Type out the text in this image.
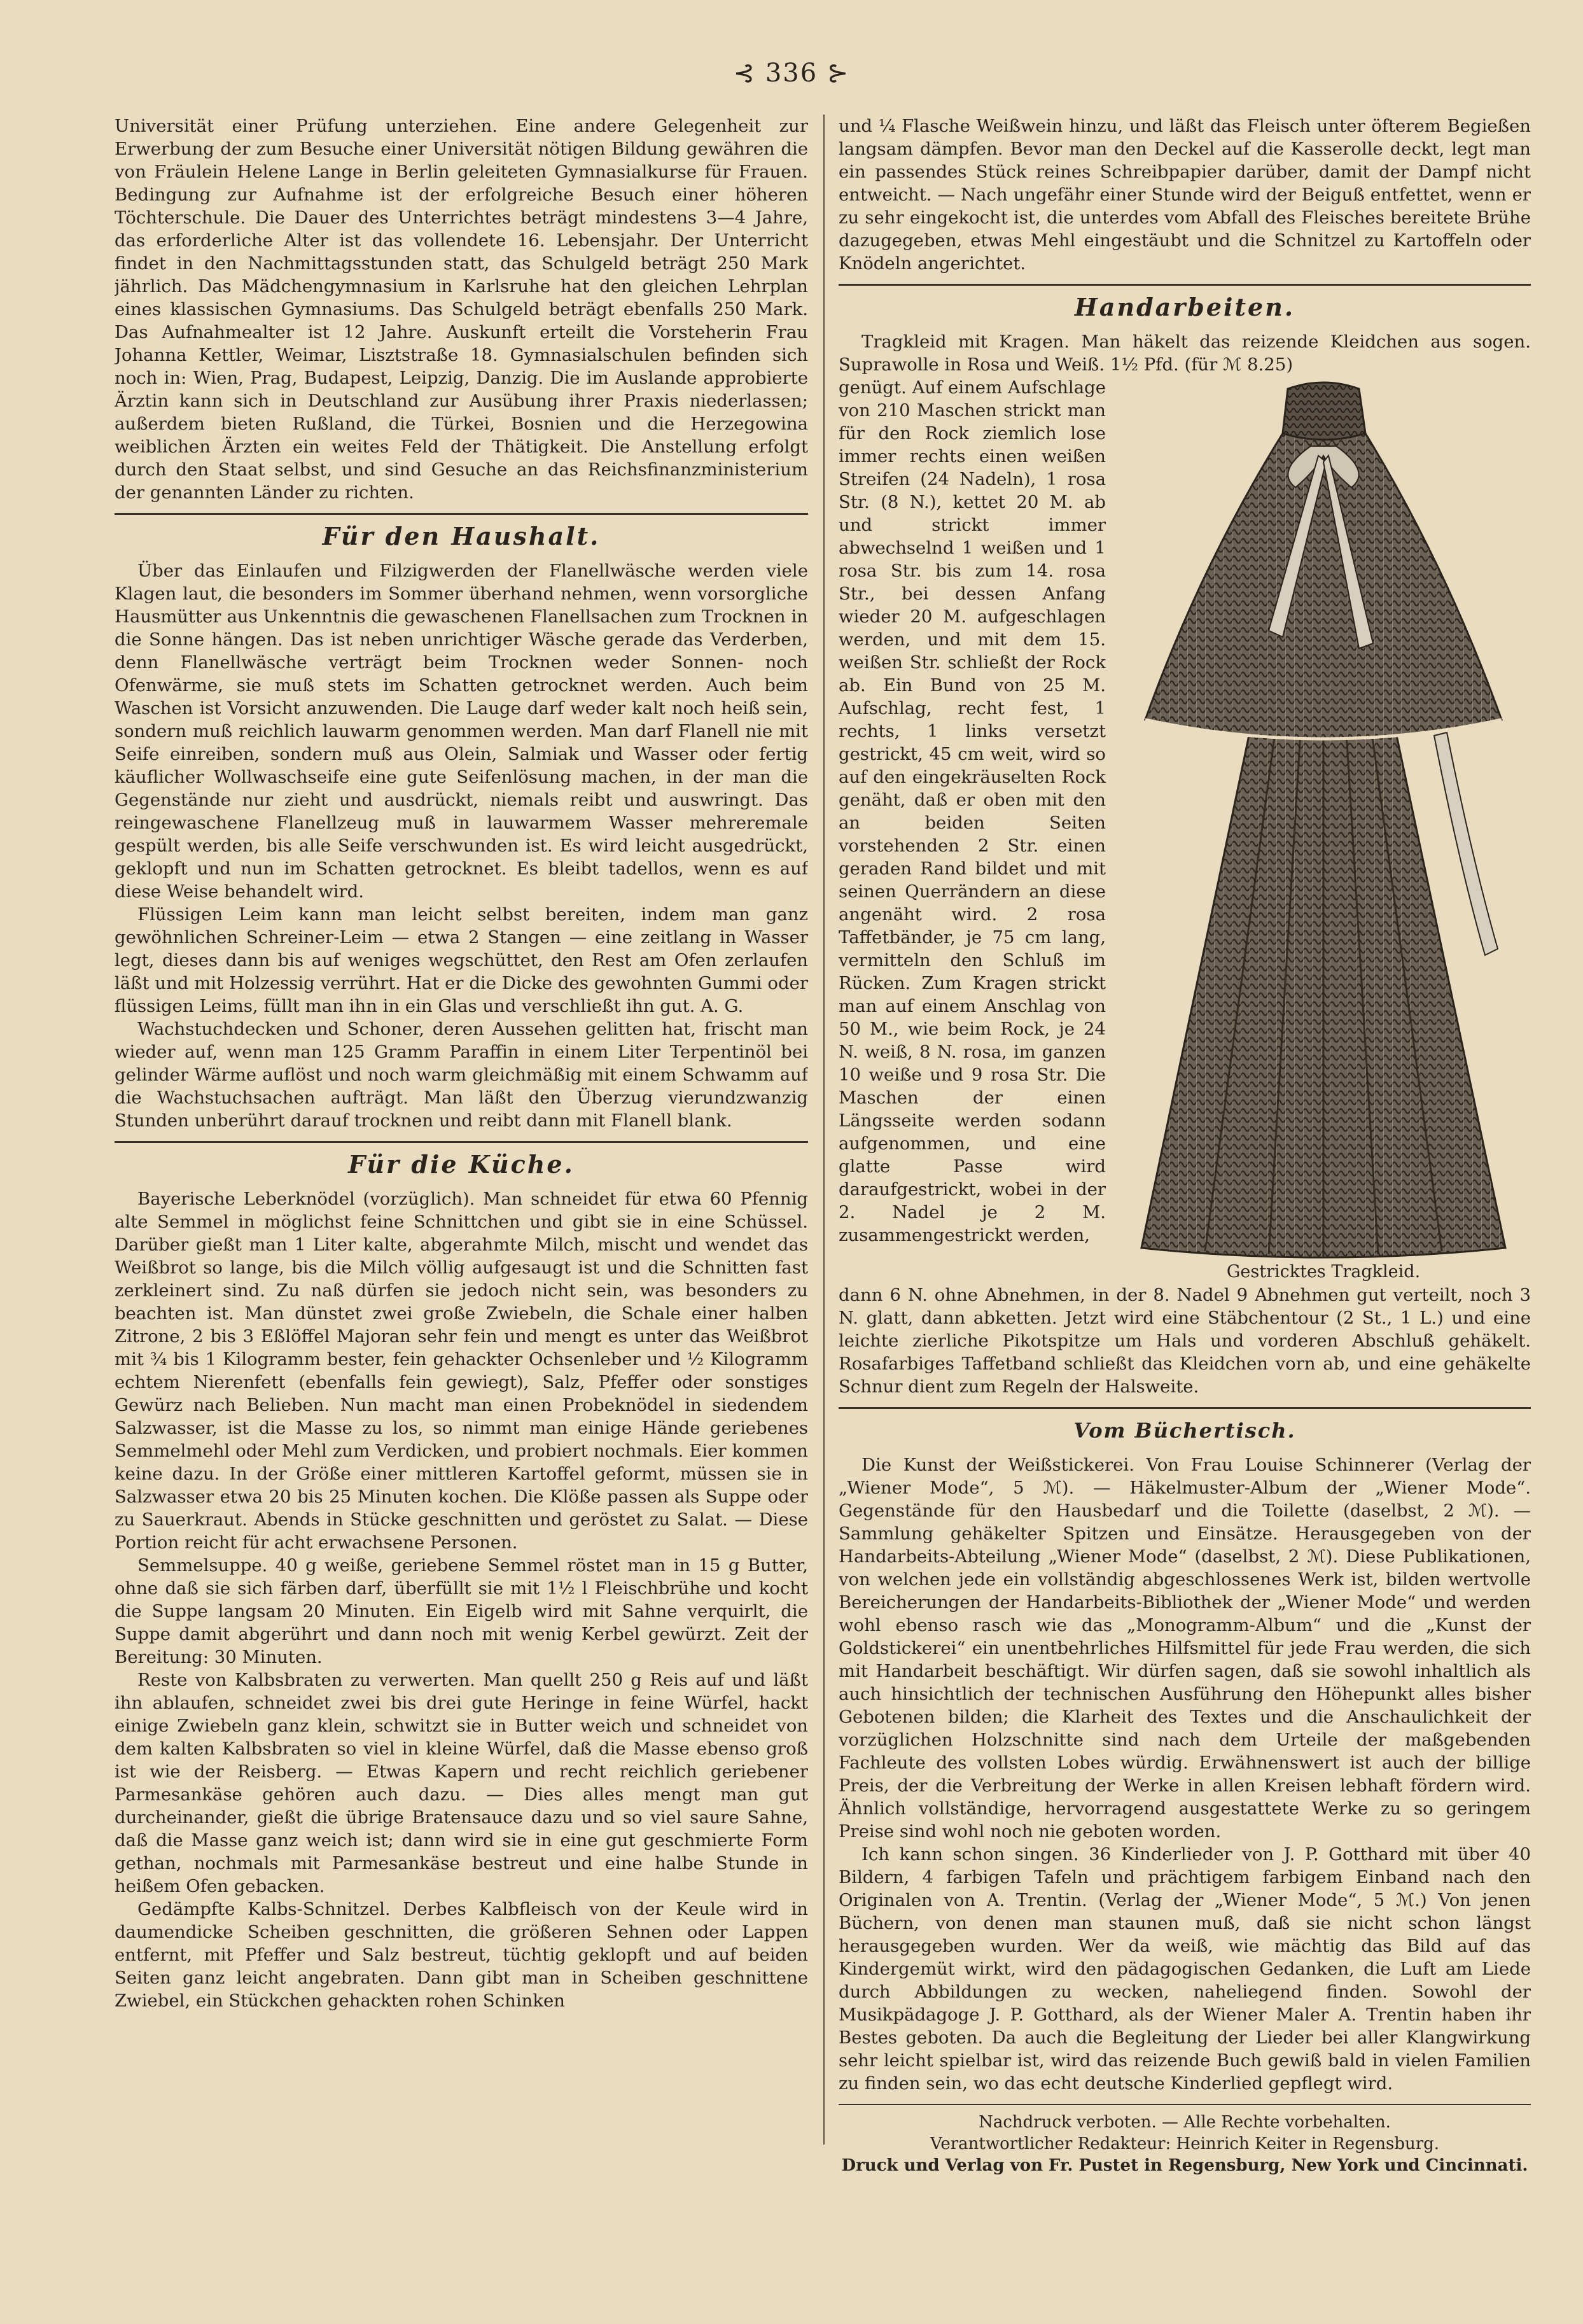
⊰ 336 ⊱

Universität einer Prüfung unterziehen. Eine andere Gelegenheit zur Erwerbung der zum Besuche einer Universität nötigen Bildung gewähren die von Fräulein Helene Lange in Berlin geleiteten Gymnasialkurse für Frauen. Bedingung zur Aufnahme ist der erfolgreiche Besuch einer höheren Töchterschule. Die Dauer des Unterrichtes beträgt mindestens 3—4 Jahre, das erforderliche Alter ist das vollendete 16. Lebensjahr. Der Unterricht findet in den Nachmittagsstunden statt, das Schulgeld beträgt 250 Mark jährlich. Das Mädchengymnasium in Karlsruhe hat den gleichen Lehrplan eines klassischen Gymnasiums. Das Schulgeld beträgt ebenfalls 250 Mark. Das Aufnahmealter ist 12 Jahre. Auskunft erteilt die Vorsteherin Frau Johanna Kettler, Weimar, Lisztstraße 18. Gymnasialschulen befinden sich noch in: Wien, Prag, Budapest, Leipzig, Danzig. Die im Auslande approbierte Ärztin kann sich in Deutschland zur Ausübung ihrer Praxis niederlassen; außerdem bieten Rußland, die Türkei, Bosnien und die Herzegowina weiblichen Ärzten ein weites Feld der Thätigkeit. Die Anstellung erfolgt durch den Staat selbst, und sind Gesuche an das Reichsfinanzministerium der genannten Länder zu richten.

Für den Haushalt.

Über das Einlaufen und Filzigwerden der Flanellwäsche werden viele Klagen laut, die besonders im Sommer überhand nehmen, wenn vorsorgliche Hausmütter aus Unkenntnis die gewaschenen Flanellsachen zum Trocknen in die Sonne hängen. Das ist neben unrichtiger Wäsche gerade das Verderben, denn Flanellwäsche verträgt beim Trocknen weder Sonnen- noch Ofenwärme, sie muß stets im Schatten getrocknet werden. Auch beim Waschen ist Vorsicht anzuwenden. Die Lauge darf weder kalt noch heiß sein, sondern muß reichlich lauwarm genommen werden. Man darf Flanell nie mit Seife einreiben, sondern muß aus Olein, Salmiak und Wasser oder fertig käuflicher Wollwaschseife eine gute Seifenlösung machen, in der man die Gegenstände nur zieht und ausdrückt, niemals reibt und auswringt. Das reingewaschene Flanellzeug muß in lauwarmem Wasser mehreremale gespült werden, bis alle Seife verschwunden ist. Es wird leicht ausgedrückt, geklopft und nun im Schatten getrocknet. Es bleibt tadellos, wenn es auf diese Weise behandelt wird.

Flüssigen Leim kann man leicht selbst bereiten, indem man ganz gewöhnlichen Schreiner-Leim — etwa 2 Stangen — eine zeitlang in Wasser legt, dieses dann bis auf weniges wegschüttet, den Rest am Ofen zerlaufen läßt und mit Holzessig verrührt. Hat er die Dicke des gewohnten Gummi oder flüssigen Leims, füllt man ihn in ein Glas und verschließt ihn gut. A. G.

Wachstuchdecken und Schoner, deren Aussehen gelitten hat, frischt man wieder auf, wenn man 125 Gramm Paraffin in einem Liter Terpentinöl bei gelinder Wärme auflöst und noch warm gleichmäßig mit einem Schwamm auf die Wachstuchsachen aufträgt. Man läßt den Überzug vierundzwanzig Stunden unberührt darauf trocknen und reibt dann mit Flanell blank.

Für die Küche.

Bayerische Leberknödel (vorzüglich). Man schneidet für etwa 60 Pfennig alte Semmel in möglichst feine Schnittchen und gibt sie in eine Schüssel. Darüber gießt man 1 Liter kalte, abgerahmte Milch, mischt und wendet das Weißbrot so lange, bis die Milch völlig aufgesaugt ist und die Schnitten fast zerkleinert sind. Zu naß dürfen sie jedoch nicht sein, was besonders zu beachten ist. Man dünstet zwei große Zwiebeln, die Schale einer halben Zitrone, 2 bis 3 Eßlöffel Majoran sehr fein und mengt es unter das Weißbrot mit ¾ bis 1 Kilogramm bester, fein gehackter Ochsenleber und ½ Kilogramm echtem Nierenfett (ebenfalls fein gewiegt), Salz, Pfeffer oder sonstiges Gewürz nach Belieben. Nun macht man einen Probeknödel in siedendem Salzwasser, ist die Masse zu los, so nimmt man einige Hände geriebenes Semmelmehl oder Mehl zum Verdicken, und probiert nochmals. Eier kommen keine dazu. In der Größe einer mittleren Kartoffel geformt, müssen sie in Salzwasser etwa 20 bis 25 Minuten kochen. Die Klöße passen als Suppe oder zu Sauerkraut. Abends in Stücke geschnitten und geröstet zu Salat. — Diese Portion reicht für acht erwachsene Personen.

Semmelsuppe. 40 g weiße, geriebene Semmel röstet man in 15 g Butter, ohne daß sie sich färben darf, überfüllt sie mit 1½ l Fleischbrühe und kocht die Suppe langsam 20 Minuten. Ein Eigelb wird mit Sahne verquirlt, die Suppe damit abgerührt und dann noch mit wenig Kerbel gewürzt. Zeit der Bereitung: 30 Minuten.

Reste von Kalbsbraten zu verwerten. Man quellt 250 g Reis auf und läßt ihn ablaufen, schneidet zwei bis drei gute Heringe in feine Würfel, hackt einige Zwiebeln ganz klein, schwitzt sie in Butter weich und schneidet von dem kalten Kalbsbraten so viel in kleine Würfel, daß die Masse ebenso groß ist wie der Reisberg. — Etwas Kapern und recht reichlich geriebener Parmesankäse gehören auch dazu. — Dies alles mengt man gut durcheinander, gießt die übrige Bratensauce dazu und so viel saure Sahne, daß die Masse ganz weich ist; dann wird sie in eine gut geschmierte Form gethan, nochmals mit Parmesankäse bestreut und eine halbe Stunde in heißem Ofen gebacken.

Gedämpfte Kalbs-Schnitzel. Derbes Kalbfleisch von der Keule wird in daumendicke Scheiben geschnitten, die größeren Sehnen oder Lappen entfernt, mit Pfeffer und Salz bestreut, tüchtig geklopft und auf beiden Seiten ganz leicht angebraten. Dann gibt man in Scheiben geschnittene Zwiebel, ein Stückchen gehackten rohen Schinken

und ¼ Flasche Weißwein hinzu, und läßt das Fleisch unter öfterem Begießen langsam dämpfen. Bevor man den Deckel auf die Kasserolle deckt, legt man ein passendes Stück reines Schreibpapier darüber, damit der Dampf nicht entweicht. — Nach ungefähr einer Stunde wird der Beiguß entfettet, wenn er zu sehr eingekocht ist, die unterdes vom Abfall des Fleisches bereitete Brühe dazugegeben, etwas Mehl eingestäubt und die Schnitzel zu Kartoffeln oder Knödeln angerichtet.

Handarbeiten.

Tragkleid mit Kragen. Man häkelt das reizende Kleidchen aus sogen. Suprawolle in Rosa und Weiß. 1½ Pfd. (für ℳ 8.25)

genügt. Auf einem Aufschlage von 210 Maschen strickt man für den Rock ziemlich lose immer rechts einen weißen Streifen (24 Nadeln), 1 rosa Str. (8 N.), kettet 20 M. ab und strickt immer abwechselnd 1 weißen und 1 rosa Str. bis zum 14. rosa Str., bei dessen Anfang wieder 20 M. aufgeschlagen werden, und mit dem 15. weißen Str. schließt der Rock ab. Ein Bund von 25 M. Aufschlag, recht fest, 1 rechts, 1 links versetzt gestrickt, 45 cm weit, wird so auf den eingekräuselten Rock genäht, daß er oben mit den an beiden Seiten vorstehenden 2 Str. einen geraden Rand bildet und mit seinen Querrändern an diese angenäht wird. 2 rosa Taffetbänder, je 75 cm lang, vermitteln den Schluß im Rücken. Zum Kragen strickt man auf einem Anschlag von 50 M., wie beim Rock, je 24 N. weiß, 8 N. rosa, im ganzen 10 weiße und 9 rosa Str. Die Maschen der einen Längsseite werden sodann aufgenommen, und eine glatte Passe wird daraufgestrickt, wobei in der 2. Nadel je 2 M. zusammengestrickt werden,
Gestricktes Tragkleid.

dann 6 N. ohne Abnehmen, in der 8. Nadel 9 Abnehmen gut verteilt, noch 3 N. glatt, dann abketten. Jetzt wird eine Stäbchentour (2 St., 1 L.) und eine leichte zierliche Pikotspitze um Hals und vorderen Abschluß gehäkelt. Rosafarbiges Taffetband schließt das Kleidchen vorn ab, und eine gehäkelte Schnur dient zum Regeln der Halsweite.

Vom Büchertisch.

Die Kunst der Weißstickerei. Von Frau Louise Schinnerer (Verlag der „Wiener Mode“, 5 ℳ). — Häkelmuster-Album der „Wiener Mode“. Gegenstände für den Hausbedarf und die Toilette (daselbst, 2 ℳ). — Sammlung gehäkelter Spitzen und Einsätze. Herausgegeben von der Handarbeits-Abteilung „Wiener Mode“ (daselbst, 2 ℳ). Diese Publikationen, von welchen jede ein vollständig abgeschlossenes Werk ist, bilden wertvolle Bereicherungen der Handarbeits-Bibliothek der „Wiener Mode“ und werden wohl ebenso rasch wie das „Monogramm-Album“ und die „Kunst der Goldstickerei“ ein unentbehrliches Hilfsmittel für jede Frau werden, die sich mit Handarbeit beschäftigt. Wir dürfen sagen, daß sie sowohl inhaltlich als auch hinsichtlich der technischen Ausführung den Höhepunkt alles bisher Gebotenen bilden; die Klarheit des Textes und die Anschaulichkeit der vorzüglichen Holzschnitte sind nach dem Urteile der maßgebenden Fachleute des vollsten Lobes würdig. Erwähnenswert ist auch der billige Preis, der die Verbreitung der Werke in allen Kreisen lebhaft fördern wird. Ähnlich vollständige, hervorragend ausgestattete Werke zu so geringem Preise sind wohl noch nie geboten worden.

Ich kann schon singen. 36 Kinderlieder von J. P. Gotthard mit über 40 Bildern, 4 farbigen Tafeln und prächtigem farbigem Einband nach den Originalen von A. Trentin. (Verlag der „Wiener Mode“, 5 ℳ.) Von jenen Büchern, von denen man staunen muß, daß sie nicht schon längst herausgegeben wurden. Wer da weiß, wie mächtig das Bild auf das Kindergemüt wirkt, wird den pädagogischen Gedanken, die Luft am Liede durch Abbildungen zu wecken, naheliegend finden. Sowohl der Musikpädagoge J. P. Gotthard, als der Wiener Maler A. Trentin haben ihr Bestes geboten. Da auch die Begleitung der Lieder bei aller Klangwirkung sehr leicht spielbar ist, wird das reizende Buch gewiß bald in vielen Familien zu finden sein, wo das echt deutsche Kinderlied gepflegt wird.

Nachdruck verboten. — Alle Rechte vorbehalten.
Verantwortlicher Redakteur: Heinrich Keiter in Regensburg.
Druck und Verlag von Fr. Pustet in Regensburg, New York und Cincinnati.
